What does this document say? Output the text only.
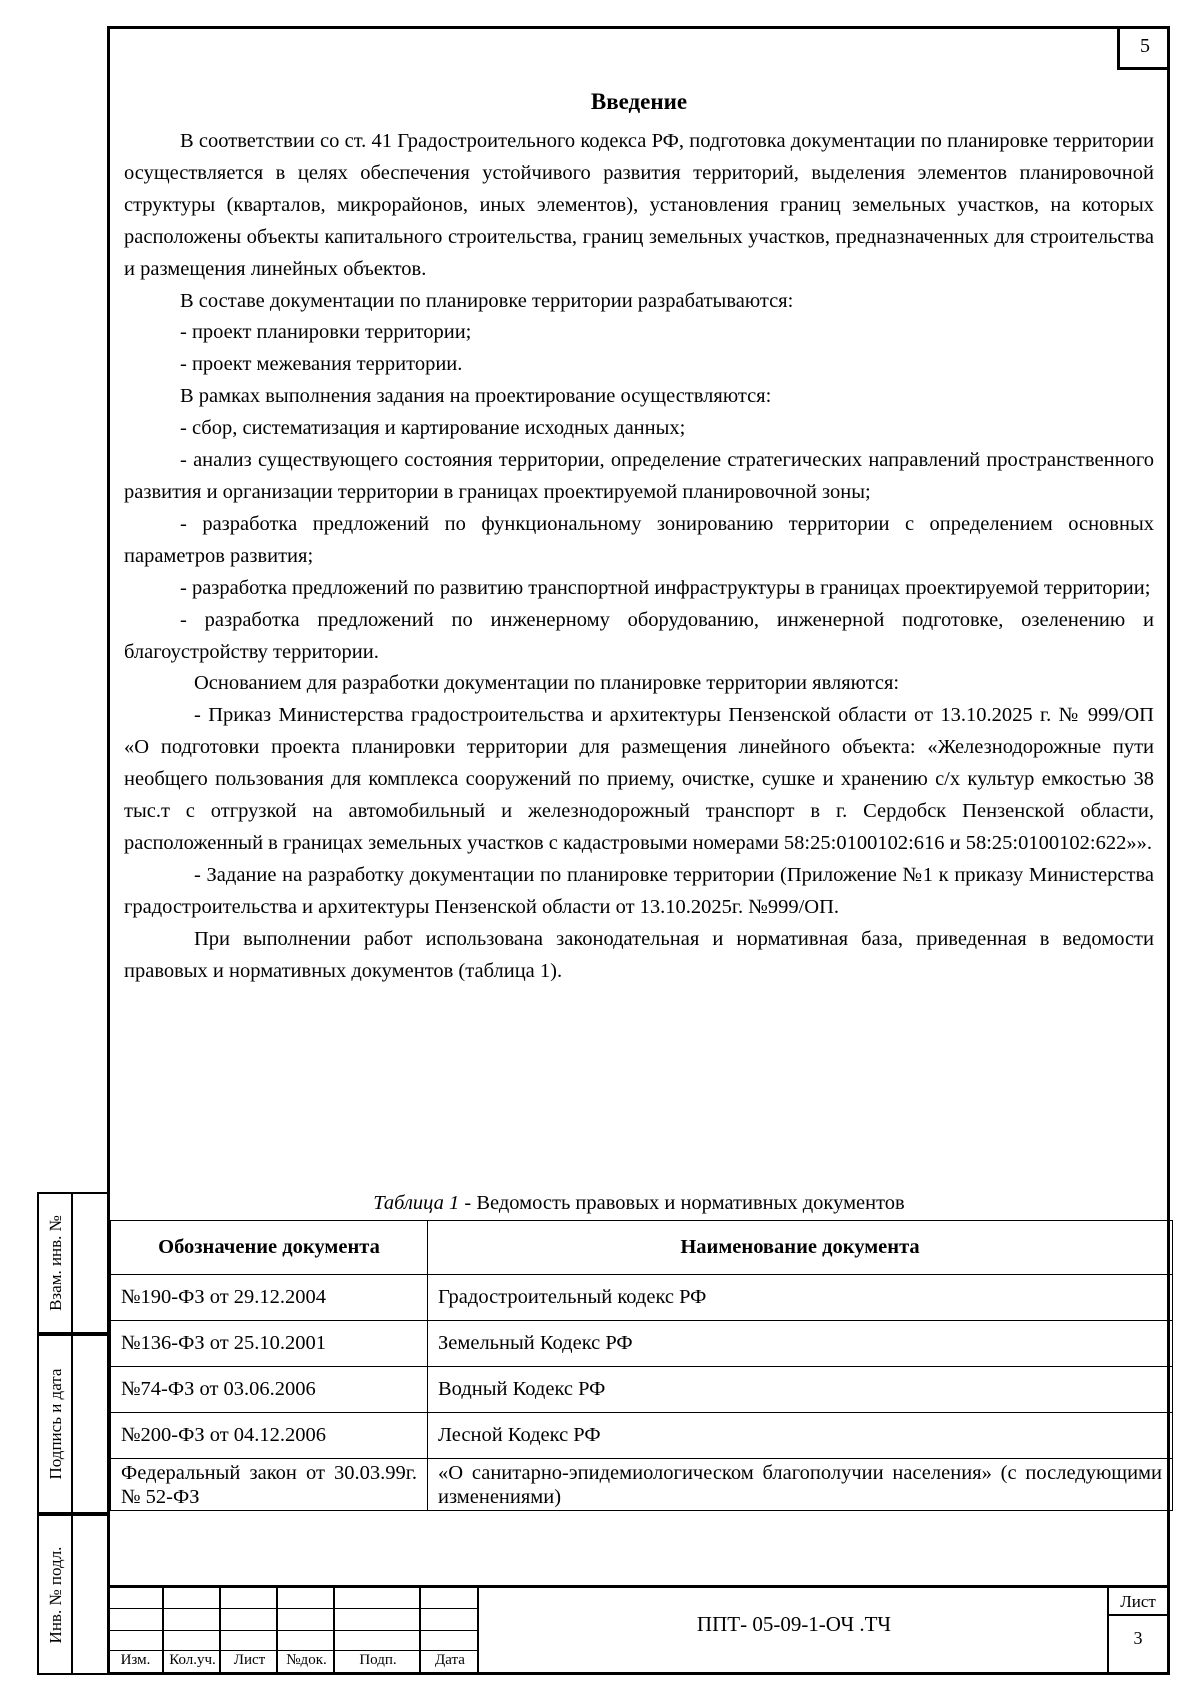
5
Взам. инв. №
Подпись и дата
Инв. № подл.
Введение

В соответствии со ст. 41 Градостроительного кодекса РФ, подготовка документации по планировке территории осуществляется в целях обеспечения устойчивого развития территорий, выделения элементов планировочной структуры (кварталов, микрорайонов, иных элементов), установления границ земельных участков, на которых расположены объекты капитального строительства, границ земельных участков, предназначенных для строительства и размещения линейных объектов.

В составе документации по планировке территории разрабатываются:

- проект планировки территории;

- проект межевания территории.

В рамках выполнения задания на проектирование осуществляются:

- сбор, систематизация и картирование исходных данных;

- анализ существующего состояния территории, определение стратегических направлений пространственного развития и организации территории в границах проектируемой планировочной зоны;

- разработка предложений по функциональному зонированию территории с определением основных параметров развития;

- разработка предложений по развитию транспортной инфраструктуры в границах проектируемой территории;

- разработка предложений по инженерному оборудованию, инженерной подготовке, озеленению и благоустройству территории.

Основанием для разработки документации по планировке территории являются:

- Приказ Министерства градостроительства и архитектуры Пензенской области от 13.10.2025 г. № 999/ОП «О подготовки проекта планировки территории для размещения линейного объекта: «Железнодорожные пути необщего пользования для комплекса сооружений по приему, очистке, сушке и хранению с/х культур емкостью 38 тыс.т с отгрузкой на автомобильный и железнодорожный транспорт в г. Сердобск Пензенской области, расположенный в границах земельных участков с кадастровыми номерами 58:25:0100102:616 и 58:25:0100102:622»».

- Задание на разработку документации по планировке территории (Приложение №1 к приказу Министерства градостроительства и архитектуры Пензенской области от 13.10.2025г. №999/ОП.

При выполнении работ использована законодательная и нормативная база, приведенная в ведомости правовых и нормативных документов (таблица 1).

Таблица 1 - Ведомость правовых и нормативных документов
Обозначение документа	Наименование документа
№190-ФЗ от 29.12.2004	Градостроительный кодекс РФ
№136-ФЗ от 25.10.2001	Земельный Кодекс РФ
№74-ФЗ от 03.06.2006	Водный Кодекс РФ
№200-ФЗ от 04.12.2006	Лесной Кодекс РФ
Федеральный закон от 30.03.99г. № 52-ФЗ	«О санитарно-эпидемиологическом благополучии населения» (с последующими изменениями)
Изм.	Кол.уч.	Лист	№док.	Подп.	Дата
ППТ- 05-09-1-ОЧ .ТЧ
Лист
3
